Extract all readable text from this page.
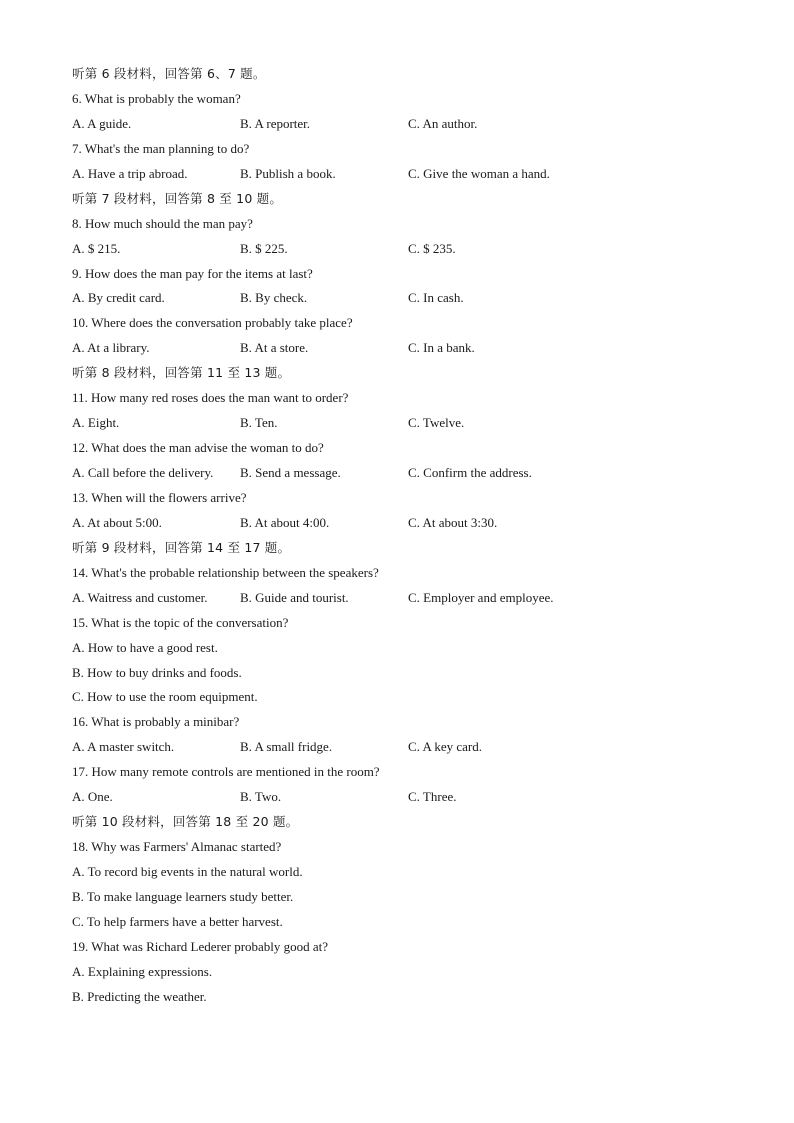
听第 6 段材料，回答第 6、7 题。
6. What is probably the woman?
A. A guide.	B. A reporter.	C. An author.
7. What's the man planning to do?
A. Have a trip abroad.	B. Publish a book.	C. Give the woman a hand.
听第 7 段材料，回答第 8 至 10 题。
8. How much should the man pay?
A. $ 215.	B. $ 225.	C. $ 235.
9. How does the man pay for the items at last?
A. By credit card.	B. By check.	C. In cash.
10. Where does the conversation probably take place?
A. At a library.	B. At a store.	C. In a bank.
听第 8 段材料，回答第 11 至 13 题。
11. How many red roses does the man want to order?
A. Eight.	B. Ten.	C. Twelve.
12. What does the man advise the woman to do?
A. Call before the delivery. B. Send a message.	C. Confirm the address.
13. When will the flowers arrive?
A. At about 5:00.	B. At about 4:00.	C. At about 3:30.
听第 9 段材料，回答第 14 至 17 题。
14. What's the probable relationship between the speakers?
A. Waitress and customer. B. Guide and tourist.	C. Employer and employee.
15. What is the topic of the conversation?
A. How to have a good rest.
B. How to buy drinks and foods.
C. How to use the room equipment.
16. What is probably a minibar?
A. A master switch.	B. A small fridge.	C. A key card.
17. How many remote controls are mentioned in the room?
A. One.	B. Two.	C. Three.
听第 10 段材料，回答第 18 至 20 题。
18. Why was Farmers' Almanac started?
A. To record big events in the natural world.
B. To make language learners study better.
C. To help farmers have a better harvest.
19. What was Richard Lederer probably good at?
A. Explaining expressions.
B. Predicting the weather.
